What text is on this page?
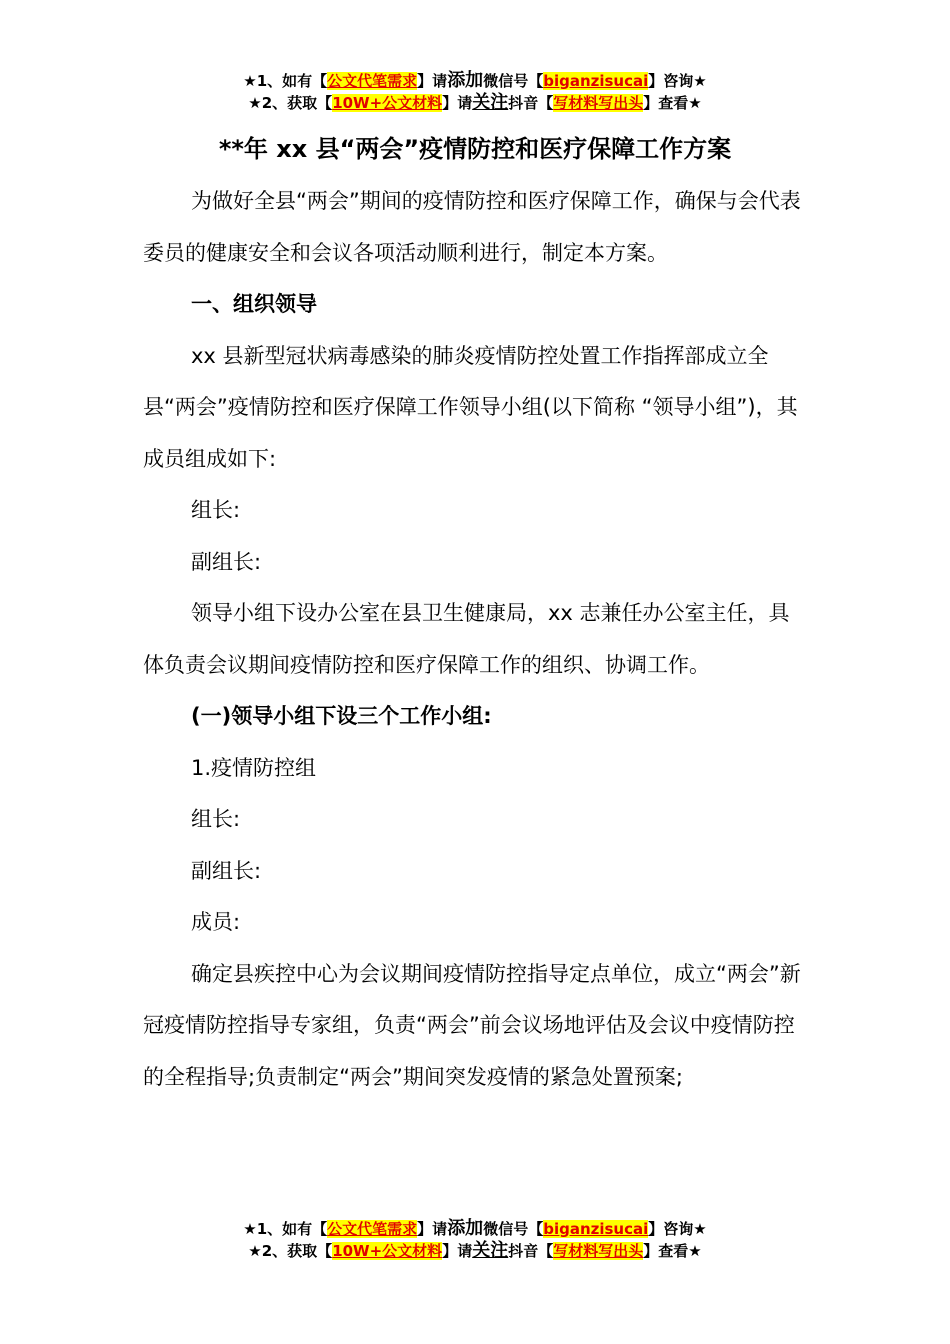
★1、如有【公文代笔需求】请添加微信号【biganzisucai】咨询★
★2、获取【10W+公文材料】请关注抖音【写材料写出头】查看★
**年 xx 县“两会”疫情防控和医疗保障工作方案

为做好全县“两会”期间的疫情防控和医疗保障工作，确保与会代表委员的健康安全和会议各项活动顺利进行，制定本方案。

一、组织领导

xx 县新型冠状病毒感染的肺炎疫情防控处置工作指挥部成立全县“两会”疫情防控和医疗保障工作领导小组(以下简称 “领导小组”)，其成员组成如下:

组长:

副组长:

领导小组下设办公室在县卫生健康局，xx 志兼任办公室主任，具体负责会议期间疫情防控和医疗保障工作的组织、协调工作。

(一)领导小组下设三个工作小组:

1.疫情防控组

组长:

副组长:

成员:

确定县疾控中心为会议期间疫情防控指导定点单位，成立“两会”新冠疫情防控指导专家组，负责“两会”前会议场地评估及会议中疫情防控的全程指导;负责制定“两会”期间突发疫情的紧急处置预案;

★1、如有【公文代笔需求】请添加微信号【biganzisucai】咨询★
★2、获取【10W+公文材料】请关注抖音【写材料写出头】查看★
